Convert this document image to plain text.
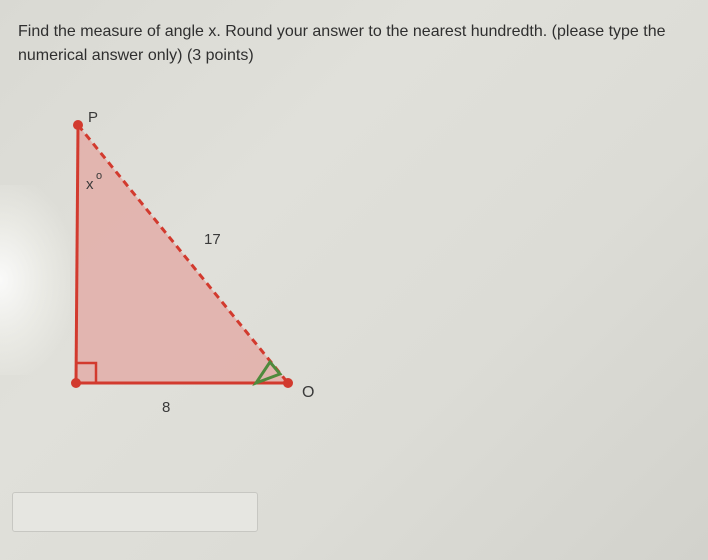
Find the measure of angle x. Round your answer to the nearest hundredth. (please type the numerical answer only) (3 points)

P
O
x o
17
8
